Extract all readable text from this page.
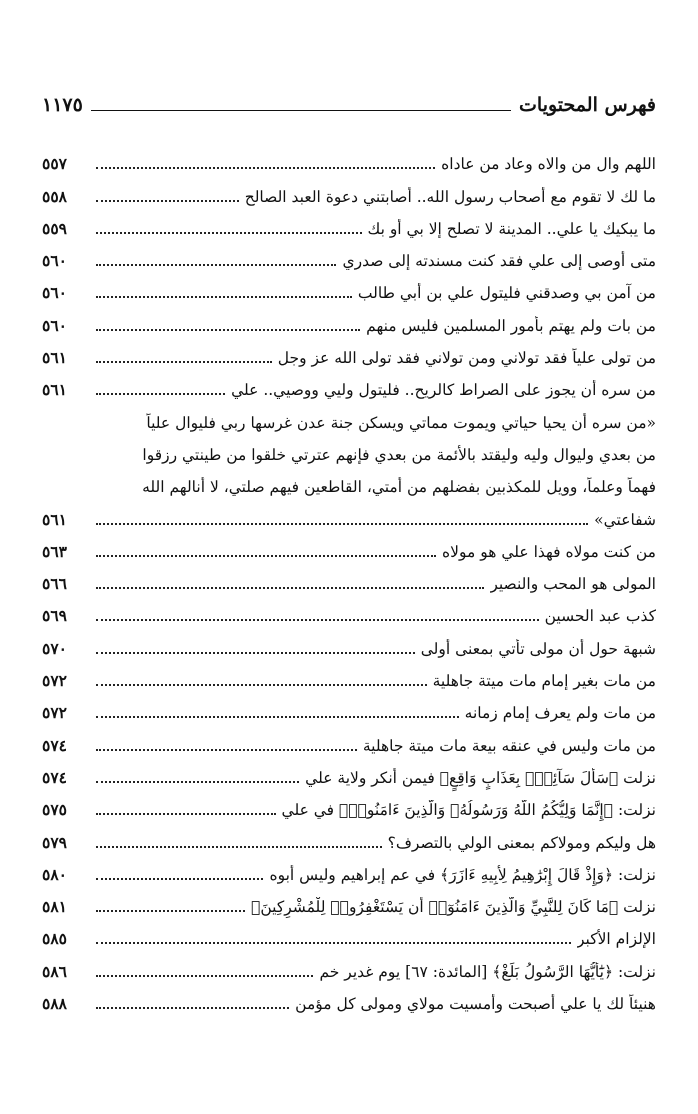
فهرس المحتويات
١١٧٥
اللهم وال من والاه وعاد من عاداه
٥٥٧
ما لك لا تقوم مع أصحاب رسول الله.. أصابتني دعوة العبد الصالح
٥٥٨
ما يبكيك يا علي.. المدينة لا تصلح إلا بي أو بك
٥٥٩
متى أوصى إلى علي فقد كنت مسندته إلى صدري
٥٦٠
من آمن بي وصدقني فليتول علي بن أبي طالب
٥٦٠
من بات ولم يهتم بأمور المسلمين فليس منهم
٥٦٠
من تولى علياً فقد تولاني ومن تولاني فقد تولى الله عز وجل
٥٦١
من سره أن يجوز على الصراط كالريح.. فليتول وليي ووصيي.. علي
٥٦١
«من سره أن يحيا حياتي ويموت مماتي ويسكن جنة عدن غرسها ربي فليوال علياً
من بعدي وليوال وليه وليقتد بالأئمة من بعدي فإنهم عترتي خلقوا من طينتي رزقوا
فهماً وعلماً، وويل للمكذبين بفضلهم من أمتي، القاطعين فيهم صلتي، لا أنالهم الله
شفاعتي»
٥٦١
من كنت مولاه فهذا علي هو مولاه
٥٦٣
المولى هو المحب والنصير
٥٦٦
كذب عبد الحسين
٥٦٩
شبهة حول أن مولى تأتي بمعنى أولى
٥٧٠
من مات بغير إمام مات ميتة جاهلية
٥٧٢
من مات ولم يعرف إمام زمانه
٥٧٢
من مات وليس في عنقه بيعة مات ميتة جاهلية
٥٧٤
نزلت ﴿سَأَلَ سَآئِلُۢ بِعَذَابٍ وَاقِعٍ﴾ فيمن أنكر ولاية علي
٥٧٤
نزلت: ﴿إِنَّمَا وَلِيُّكُمُ اللَّهُ وَرَسُولُهُۥ وَالَّذِينَ ءَامَنُوا۟﴾ في علي
٥٧٥
هل وليكم ومولاكم بمعنى الولي بالتصرف؟
٥٧٩
نزلت: ﴿وَإِذْ قَالَ إِبْرَٰهِيمُ لِأَبِيهِ ءَازَرَ﴾ في عم إبراهيم وليس أبوه
٥٨٠
نزلت ﴿مَا كَانَ لِلنَّبِيِّ وَالَّذِينَ ءَامَنُوٓا۟ أَن يَسْتَغْفِرُوا۟ لِلْمُشْرِكِينَ﴾
٥٨١
الإلزام الأكبر
٥٨٥
نزلت: ﴿يَٰٓأَيُّهَا الرَّسُولُ بَلِّغْ﴾ [المائدة: ٦٧] يوم غدير خم
٥٨٦
هنيئاً لك يا علي أصبحت وأمسيت مولاي ومولى كل مؤمن
٥٨٨
